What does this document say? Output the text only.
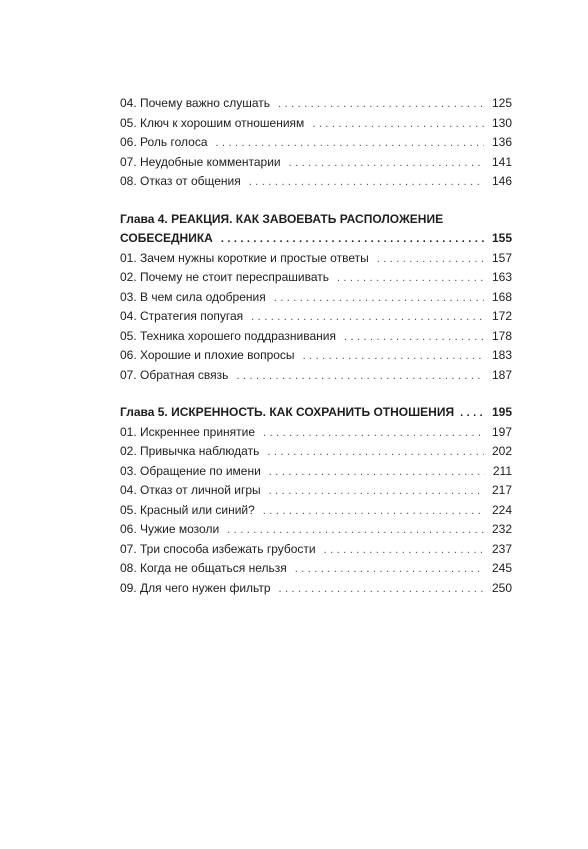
04. Почему важно слушать . . .	125
05. Ключ к хорошим отношениям . . .	130
06. Роль голоса . . .	136
07. Неудобные комментарии . . .	141
08. Отказ от общения . . .	146
Глава 4. РЕАКЦИЯ. КАК ЗАВОЕВАТЬ РАСПОЛОЖЕНИЕ
СОБЕСЕДНИКА . . .	155
01. Зачем нужны короткие и простые ответы . . .	157
02. Почему не стоит переспрашивать . . .	163
03. В чем сила одобрения . . .	168
04. Стратегия попугая . . .	172
05. Техника хорошего поддразнивания . . .	178
06. Хорошие и плохие вопросы . . .	183
07. Обратная связь . . .	187
Глава 5. ИСКРЕННОСТЬ. КАК СОХРАНИТЬ ОТНОШЕНИЯ . . .	195
01. Искреннее принятие . . .	197
02. Привычка наблюдать . . .	202
03. Обращение по имени . . .	211
04. Отказ от личной игры . . .	217
05. Красный или синий? . . .	224
06. Чужие мозоли . . .	232
07. Три способа избежать грубости . . .	237
08. Когда не общаться нельзя . . .	245
09. Для чего нужен фильтр . . .	250
